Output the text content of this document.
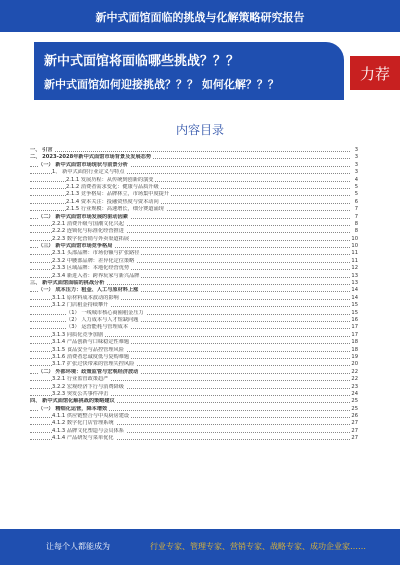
新中式面馆面临的挑战与化解策略研究报告
新中式面馆将面临哪些挑战？？？
新中式面馆如何迎接挑战？？？ 如何化解？？？
力荐
内容目录
一、 引言	3
二、 2023-2028年新中式面馆市场背景及发展态势	3
（一） 新中式面馆市场现状与前景分析	3
1、 新中式面馆行业定义与特点	3
2.1.1 发展历程：从传统到创新的演变	4
2.1.2 消费者需求变化：健康与品质升级	5
2.1.3 竞争格局：品牌林立，市场集中度提升	5
2.1.4 资本关注：投融资热度与资本动向	6
2.1.5 行业规模：高速增长，细分赛道涌现	7
（二） 新中式面馆市场发展的驱动因素	7
2.2.1 消费升级与国潮文化兴起	8
2.2.2 连锁化与标准化经营推进	8
2.2.3 数字化营销与外卖渠道拓展	10
（三） 新中式面馆市场竞争格局	10
2.3.1 头部品牌：市场份额与扩张路径	11
2.3.2 中腰部品牌：差异化定位策略	11
2.3.3 区域品牌：本地化经营优势	12
2.3.4 新进入者：跨界玩家与新兴品牌	13
三、 新中式面馆面临的挑战分析	13
（一） 成本压力：租金、人工与原材料上涨	14
3.1.1 原材料成本波动的影响	14
3.1.2 门店租金持续攀升	15
（1） 一线城市核心商圈租金压力	15
（2） 人力成本与人才短缺问题	16
（3） 运营能耗与管理成本	17
3.1.3 同质化竞争加剧	17
3.1.4 产品创新与口味稳定性难题	18
3.1.5 食品安全与品控管理风险	18
3.1.6 消费者忠诚度低与复购难题	19
3.1.7 扩张过快带来的管理失控风险	20
（二） 外部环境：政策监管与宏观经济波动	22
3.2.1 行业监管政策趋严	22
3.2.2 宏观经济下行与消费降级	23
3.2.3 突发公共事件冲击	24
四、 新中式面馆化解挑战的策略建议	25
（一） 精细化运营，降本增效	25
4.1.1 供应链整合与中央厨房建设	26
4.1.2 数字化门店管理系统	27
4.1.3 品牌文化塑造与会员体系	27
4.1.4 产品研发与菜单优化	27
让每个人都能成为	行业专家、管理专家、营销专家、战略专家、成功企业家……
